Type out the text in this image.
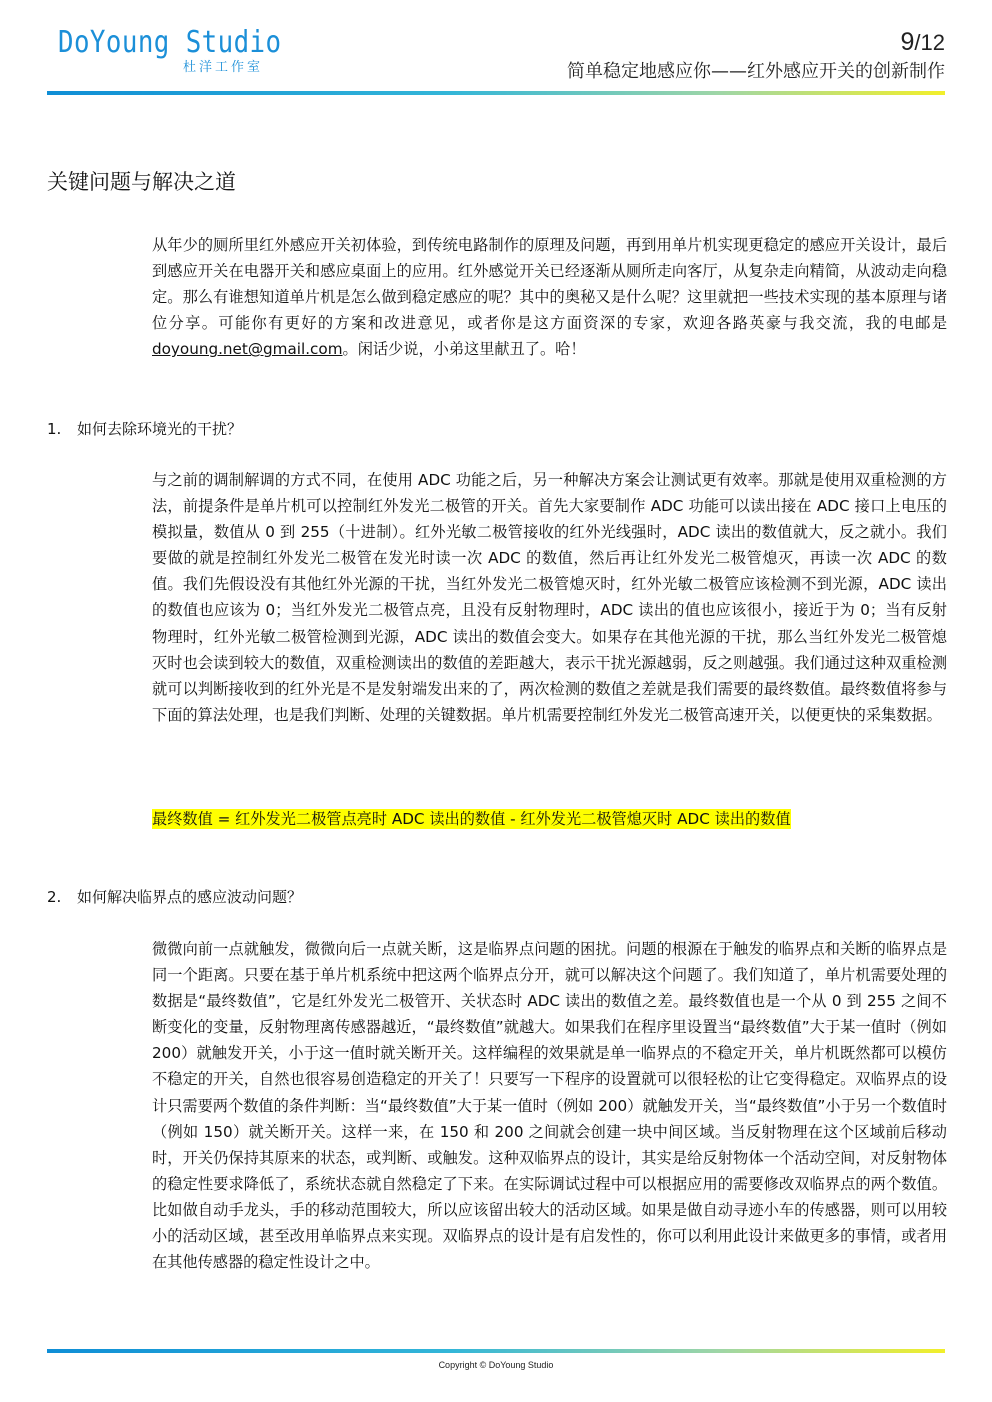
DoYoung Studio
杜洋工作室
9/12
简单稳定地感应你——红外感应开关的创新制作
关键问题与解决之道
从年少的厕所里红外感应开关初体验，到传统电路制作的原理及问题，再到用单片机实现更稳定的感应开关设计，最后到感应开关在电器开关和感应桌面上的应用。红外感觉开关已经逐渐从厕所走向客厅，从复杂走向精简，从波动走向稳定。那么有谁想知道单片机是怎么做到稳定感应的呢？其中的奥秘又是什么呢？这里就把一些技术实现的基本原理与诸位分享。可能你有更好的方案和改进意见，或者你是这方面资深的专家，欢迎各路英豪与我交流，我的电邮是 doyoung.net@gmail.com。闲话少说，小弟这里献丑了。哈！
1. 如何去除环境光的干扰？
与之前的调制解调的方式不同，在使用 ADC 功能之后，另一种解决方案会让测试更有效率。那就是使用双重检测的方法，前提条件是单片机可以控制红外发光二极管的开关。首先大家要制作 ADC 功能可以读出接在 ADC 接口上电压的模拟量，数值从 0 到 255（十进制）。红外光敏二极管接收的红外光线强时，ADC 读出的数值就大，反之就小。我们要做的就是控制红外发光二极管在发光时读一次 ADC 的数值，然后再让红外发光二极管熄灭，再读一次 ADC 的数值。我们先假设没有其他红外光源的干扰，当红外发光二极管熄灭时，红外光敏二极管应该检测不到光源，ADC 读出的数值也应该为 0；当红外发光二极管点亮，且没有反射物理时，ADC 读出的值也应该很小，接近于为 0；当有反射物理时，红外光敏二极管检测到光源，ADC 读出的数值会变大。如果存在其他光源的干扰，那么当红外发光二极管熄灭时也会读到较大的数值，双重检测读出的数值的差距越大，表示干扰光源越弱，反之则越强。我们通过这种双重检测就可以判断接收到的红外光是不是发射端发出来的了，两次检测的数值之差就是我们需要的最终数值。最终数值将参与下面的算法处理，也是我们判断、处理的关键数据。单片机需要控制红外发光二极管高速开关，以便更快的采集数据。
最终数值 = 红外发光二极管点亮时 ADC 读出的数值 - 红外发光二极管熄灭时 ADC 读出的数值
2. 如何解决临界点的感应波动问题？
微微向前一点就触发，微微向后一点就关断，这是临界点问题的困扰。问题的根源在于触发的临界点和关断的临界点是同一个距离。只要在基于单片机系统中把这两个临界点分开，就可以解决这个问题了。我们知道了，单片机需要处理的数据是“最终数值”，它是红外发光二极管开、关状态时 ADC 读出的数值之差。最终数值也是一个从 0 到 255 之间不断变化的变量，反射物理离传感器越近，“最终数值”就越大。如果我们在程序里设置当“最终数值”大于某一值时（例如 200）就触发开关，小于这一值时就关断开关。这样编程的效果就是单一临界点的不稳定开关，单片机既然都可以模仿不稳定的开关，自然也很容易创造稳定的开关了！只要写一下程序的设置就可以很轻松的让它变得稳定。双临界点的设计只需要两个数值的条件判断：当“最终数值”大于某一值时（例如 200）就触发开关，当“最终数值”小于另一个数值时（例如 150）就关断开关。这样一来，在 150 和 200 之间就会创建一块中间区域。当反射物理在这个区域前后移动时，开关仍保持其原来的状态，或判断、或触发。这种双临界点的设计，其实是给反射物体一个活动空间，对反射物体的稳定性要求降低了，系统状态就自然稳定了下来。在实际调试过程中可以根据应用的需要修改双临界点的两个数值。比如做自动手龙头，手的移动范围较大，所以应该留出较大的活动区域。如果是做自动寻迹小车的传感器，则可以用较小的活动区域，甚至改用单临界点来实现。双临界点的设计是有启发性的，你可以利用此设计来做更多的事情，或者用在其他传感器的稳定性设计之中。
Copyright © DoYoung Studio
